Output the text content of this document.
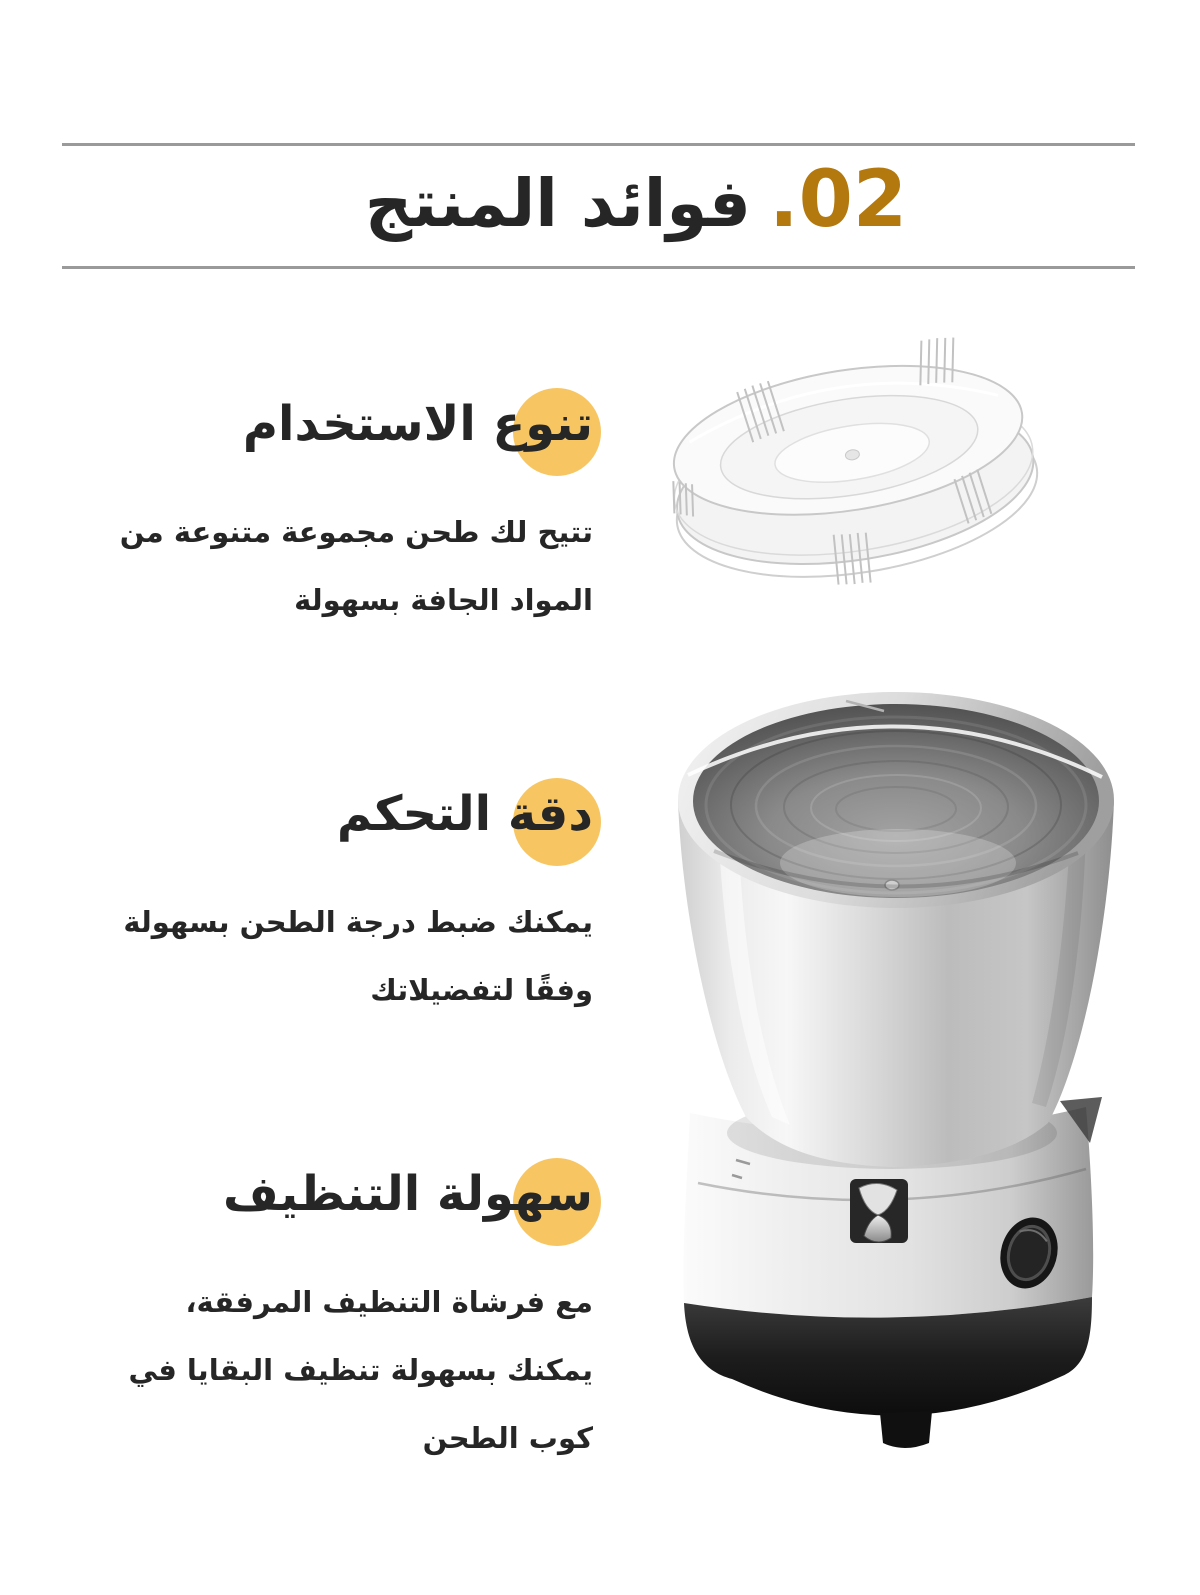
فوائد المنتج .02
تنوع الاستخدام
تتيح لك طحن مجموعة متنوعة من
المواد الجافة بسهولة
دقة التحكم
يمكنك ضبط درجة الطحن بسهولة
وفقًا لتفضيلاتك
سهولة التنظيف
مع فرشاة التنظيف المرفقة،
يمكنك بسهولة تنظيف البقايا في
كوب الطحن
